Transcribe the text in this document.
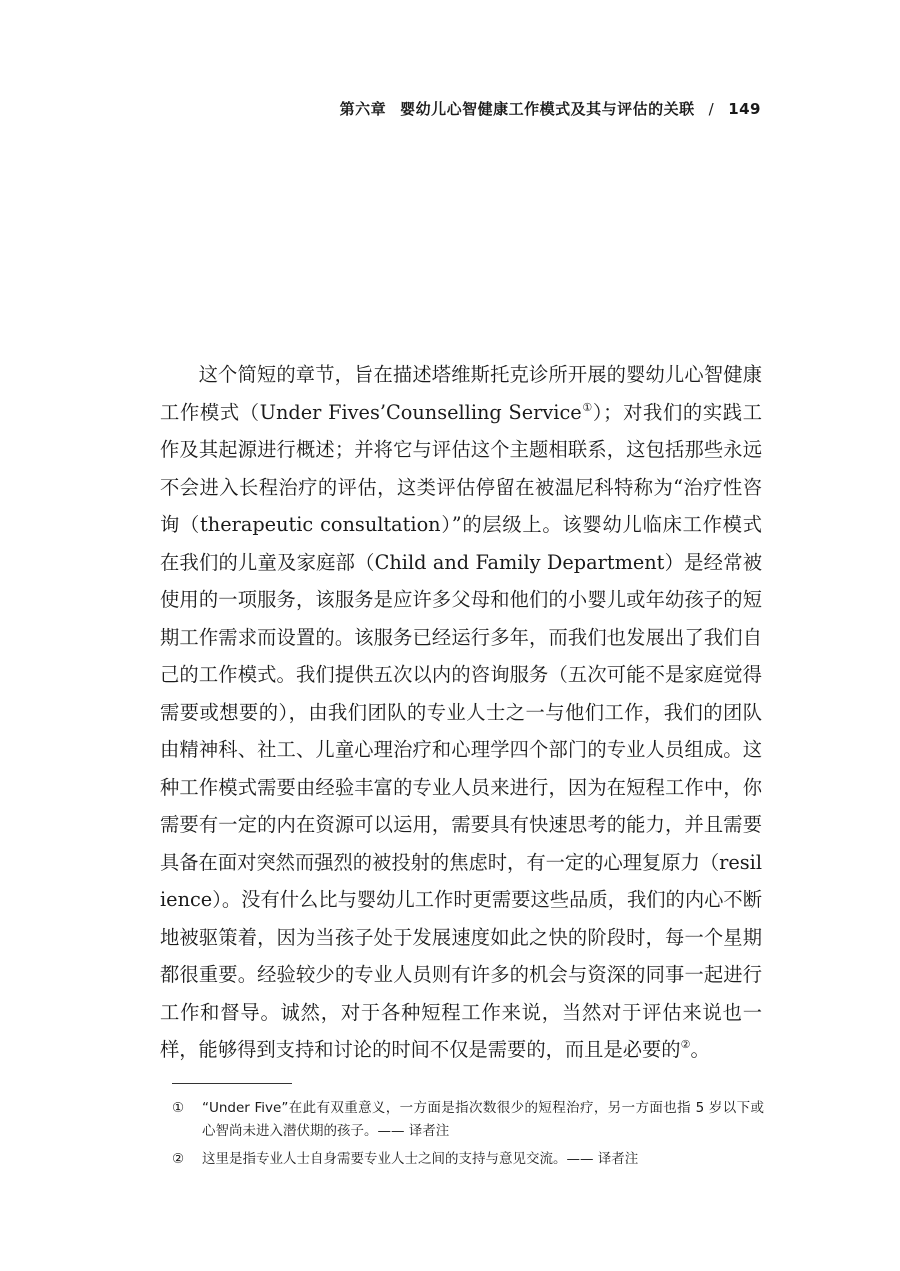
第六章 婴幼儿心智健康工作模式及其与评估的关联 / 149

这个简短的章节，旨在描述塔维斯托克诊所开展的婴幼儿心智健康工作模式（Under Fives’Counselling Service①）；对我们的实践工作及其起源进行概述；并将它与评估这个主题相联系，这包括那些永远不会进入长程治疗的评估，这类评估停留在被温尼科特称为“治疗性咨询（therapeutic consultation）”的层级上。该婴幼儿临床工作模式在我们的儿童及家庭部（Child and Family Department）是经常被使用的一项服务，该服务是应许多父母和他们的小婴儿或年幼孩子的短期工作需求而设置的。该服务已经运行多年，而我们也发展出了我们自己的工作模式。我们提供五次以内的咨询服务（五次可能不是家庭觉得需要或想要的），由我们团队的专业人士之一与他们工作，我们的团队由精神科、社工、儿童心理治疗和心理学四个部门的专业人员组成。这种工作模式需要由经验丰富的专业人员来进行，因为在短程工作中，你需要有一定的内在资源可以运用，需要具有快速思考的能力，并且需要具备在面对突然而强烈的被投射的焦虑时，有一定的心理复原力（resilience）。没有什么比与婴幼儿工作时更需要这些品质，我们的内心不断地被驱策着，因为当孩子处于发展速度如此之快的阶段时，每一个星期都很重要。经验较少的专业人员则有许多的机会与资深的同事一起进行工作和督导。诚然，对于各种短程工作来说，当然对于评估来说也一样，能够得到支持和讨论的时间不仅是需要的，而且是必要的②。

①	“Under Five”在此有双重意义，一方面是指次数很少的短程治疗，另一方面也指 5 岁以下或心智尚未进入潜伏期的孩子。—— 译者注
②	这里是指专业人士自身需要专业人士之间的支持与意见交流。—— 译者注
